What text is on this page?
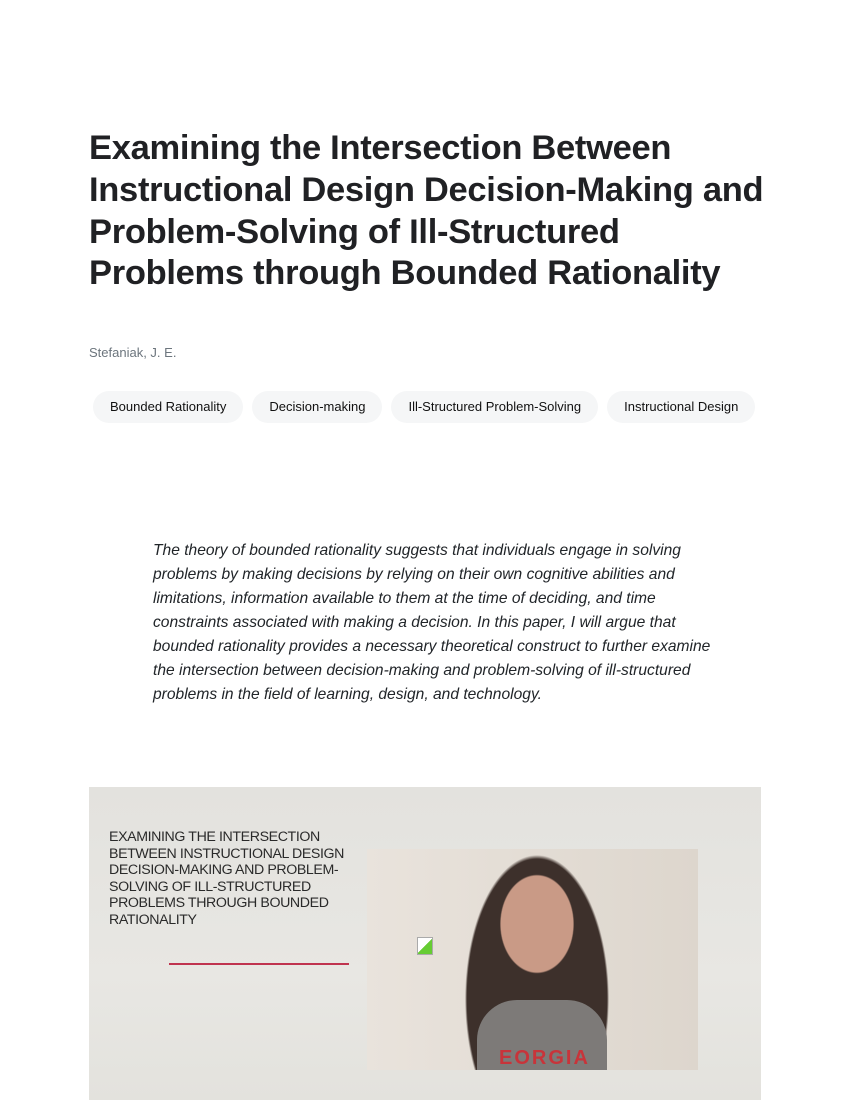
Examining the Intersection Between Instructional Design Decision-Making and Problem-Solving of Ill-Structured Problems through Bounded Rationality
Stefaniak, J. E.
Bounded Rationality	Decision-making	Ill-Structured Problem-Solving	Instructional Design

The theory of bounded rationality suggests that individuals engage in solving problems by making decisions by relying on their own cognitive abilities and limitations, information available to them at the time of deciding, and time constraints associated with making a decision. In this paper, I will argue that bounded rationality provides a necessary theoretical construct to further examine the intersection between decision-making and problem-solving of ill-structured problems in the field of learning, design, and technology.

EXAMINING THE INTERSECTION BETWEEN INSTRUCTIONAL DESIGN DECISION-MAKING AND PROBLEM-SOLVING OF ILL-STRUCTURED PROBLEMS THROUGH BOUNDED RATIONALITY
EORGIA
